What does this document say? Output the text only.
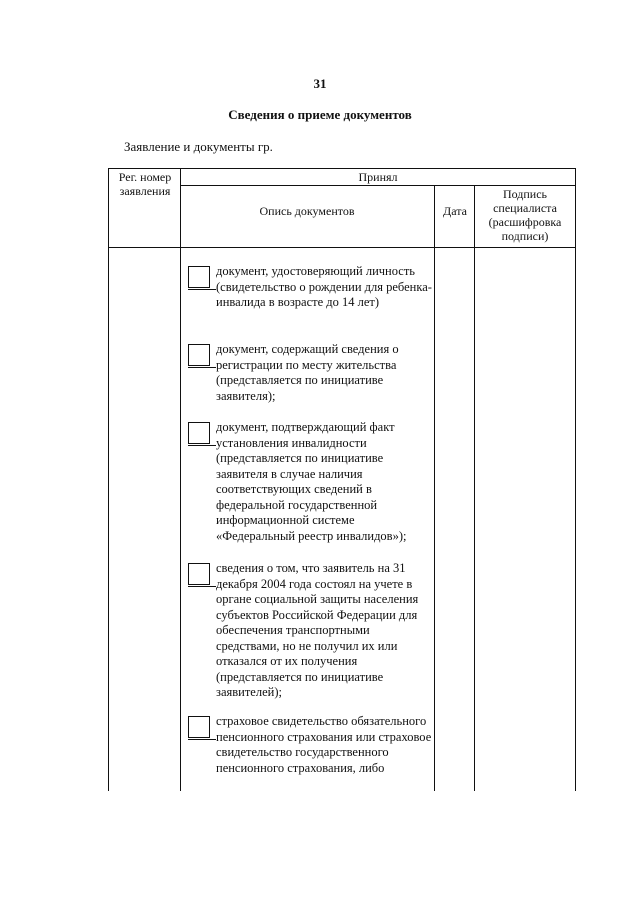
31
Сведения о приеме документов
Заявление и документы гр.
Рег. номер заявления
Принял
Опись документов	Дата
Подпись специалиста (расшифровка подписи)
документ, удостоверяющий личность (свидетельство о рождении для ребенка-инвалида в возрасте до 14 лет)
документ, содержащий сведения о регистрации по месту жительства (представляется по инициативе заявителя);
документ, подтверждающий факт установления инвалидности (представляется по инициативе заявителя в случае наличия соответствующих сведений в федеральной государственной информационной системе «Федеральный реестр инвалидов»);
сведения о том, что заявитель на 31 декабря 2004 года состоял на учете в органе социальной защиты населения субъектов Российской Федерации для обеспечения транспортными средствами, но не получил их или отказался от их получения (представляется по инициативе заявителей);
страховое свидетельство обязательного пенсионного страхования или страховое свидетельство государственного пенсионного страхования, либо
